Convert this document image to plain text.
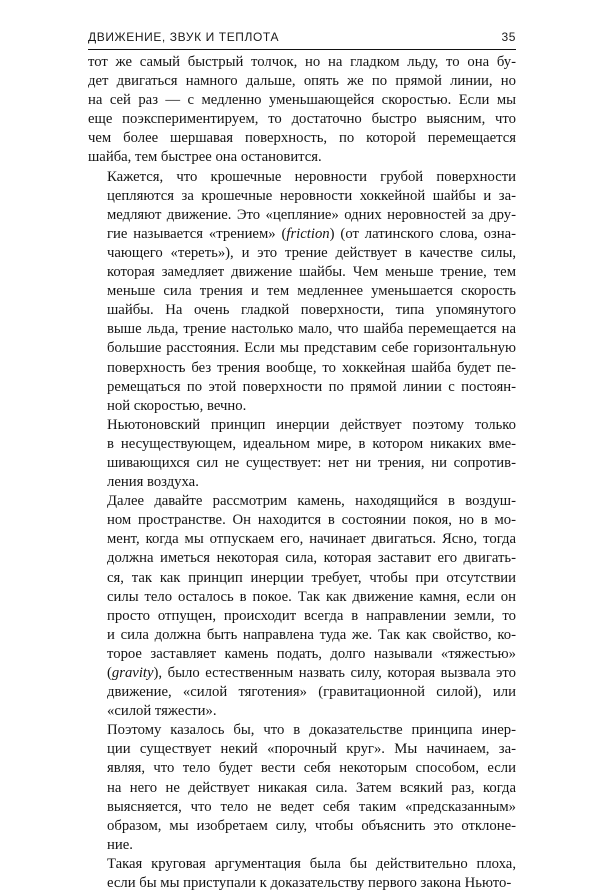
ДВИЖЕНИЕ, ЗВУК И ТЕПЛОТА	35

тот же самый быстрый толчок, но на гладком льду, то она бу-
дет двигаться намного дальше, опять же по прямой линии, но
на сей раз — с медленно уменьшающейся скоростью. Если мы
еще поэкспериментируем, то достаточно быстро выясним, что
чем более шершавая поверхность, по которой перемещается
шайба, тем быстрее она остановится.

Кажется, что крошечные неровности грубой поверхности
цепляются за крошечные неровности хоккейной шайбы и за-
медляют движение. Это «цепляние» одних неровностей за дру-
гие называется «трением» (friction) (от латинского слова, озна-
чающего «тереть»), и это трение действует в качестве силы,
которая замедляет движение шайбы. Чем меньше трение, тем
меньше сила трения и тем медленнее уменьшается скорость
шайбы. На очень гладкой поверхности, типа упомянутого
выше льда, трение настолько мало, что шайба перемещается на
большие расстояния. Если мы представим себе горизонтальную
поверхность без трения вообще, то хоккейная шайба будет пе-
ремещаться по этой поверхности по прямой линии с постоян-
ной скоростью, вечно.

Ньютоновский принцип инерции действует поэтому только
в несуществующем, идеальном мире, в котором никаких вме-
шивающихся сил не существует: нет ни трения, ни сопротив-
ления воздуха.

Далее давайте рассмотрим камень, находящийся в воздуш-
ном пространстве. Он находится в состоянии покоя, но в мо-
мент, когда мы отпускаем его, начинает двигаться. Ясно, тогда
должна иметься некоторая сила, которая заставит его двигать-
ся, так как принцип инерции требует, чтобы при отсутствии
силы тело осталось в покое. Так как движение камня, если он
просто отпущен, происходит всегда в направлении земли, то
и сила должна быть направлена туда же. Так как свойство, ко-
торое заставляет камень подать, долго называли «тяжестью»
(gravity), было естественным назвать силу, которая вызвала это
движение, «силой тяготения» (гравитационной силой), или
«силой тяжести».

Поэтому казалось бы, что в доказательстве принципа инер-
ции существует некий «порочный круг». Мы начинаем, за-
являя, что тело будет вести себя некоторым способом, если
на него не действует никакая сила. Затем всякий раз, когда
выясняется, что тело не ведет себя таким «предсказанным»
образом, мы изобретаем силу, чтобы объяснить это отклоне-
ние.

Такая круговая аргументация была бы действительно плоха,
если бы мы приступали к доказательству первого закона Ньюто-
